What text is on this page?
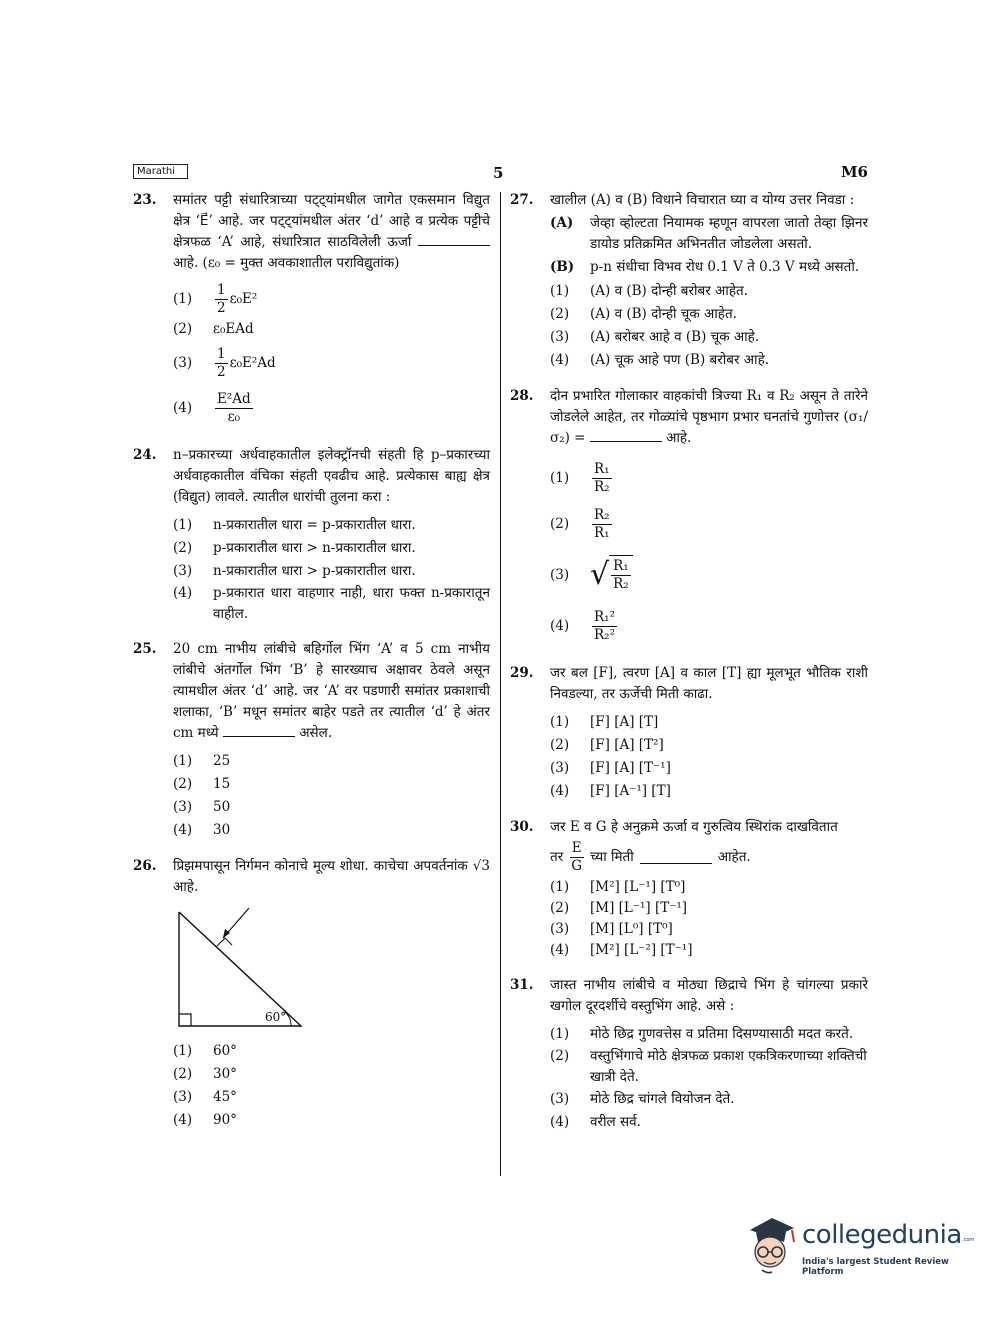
Marathi	5	M6
23. समांतर पट्टी संधारित्राच्या पट्ट्यांमधील जागेत एकसमान विद्युत क्षेत्र ‘E⃗’ आहे. जर पट्ट्यांमधील अंतर ‘d’ आहे व प्रत्येक पट्टीचे क्षेत्रफळ ‘A’ आहे, संधारित्रात साठविलेली ऊर्जा  आहे. (ε₀ = मुक्त अवकाशातील पराविद्युतांक)
(1)	$\frac{1}{2} \varepsilon_0E^2$
(2)	ε₀EAd
(3)	$\frac{1}{2} \varepsilon_0E^2Ad$
(4)	$\frac{\text{E²Ad}}{\text{ε₀}}$
24. n–प्रकारच्या अर्धवाहकातील इलेक्ट्रॉनची संहती हि p–प्रकारच्या अर्धवाहकातील वंचिका संहती एवढीच आहे. प्रत्येकास बाह्य क्षेत्र (विद्युत) लावले. त्यातील धारांची तुलना करा :
(1)	n-प्रकारातील धारा = p-प्रकारातील धारा.
(2)	p-प्रकारातील धारा > n-प्रकारातील धारा.
(3)	n-प्रकारातील धारा > p-प्रकारातील धारा.
(4)	p-प्रकारात धारा वाहणार नाही, धारा फक्त n-प्रकारातून वाहील.
25. 20 cm नाभीय लांबीचे बहिर्गोल भिंग ‘A’ व 5 cm नाभीय लांबीचे अंतर्गोल भिंग ‘B’ हे सारख्याच अक्षावर ठेवले असून त्यामधील अंतर ‘d’ आहे. जर ‘A’ वर पडणारी समांतर प्रकाशाची शलाका, ‘B’ मधून समांतर बाहेर पडते तर त्यातील ‘d’ हे अंतर cm मध्ये	असेल.
(1)	25
(2)	15
(3)	50
(4)	30
26. प्रिझमपासून निर्गमन कोनाचे मूल्य शोधा. काचेचा अपवर्तनांक √3 आहे.
60°
(1)	60°
(2)	30°
(3)	45°
(4)	90°
27. खालील (A) व (B) विधाने विचारात घ्या व योग्य उत्तर निवडा :
(A)	जेव्हा व्होल्टता नियामक म्हणून वापरला जातो तेव्हा झिनर डायोड प्रतिक्रमित अभिनतीत जोडलेला असतो.
(B)	p-n संधीचा विभव रोध 0.1 V ते 0.3 V मध्ये असतो.
(1)	(A) व (B) दोन्ही बरोबर आहेत.
(2)	(A) व (B) दोन्ही चूक आहेत.
(3)	(A) बरोबर आहे व (B) चूक आहे.
(4)	(A) चूक आहे पण (B) बरोबर आहे.
28. दोन प्रभारित गोलाकार वाहकांची त्रिज्या R₁ व R₂ असून ते तारेने जोडलेले आहेत, तर गोळ्यांचे पृष्ठभाग प्रभार घनतांचे गुणोत्तर (σ₁/σ₂) =	आहे.
(1)	$\frac{\text{R₁}}{\text{R₂}}$
(2)	$\frac{\text{R₂}}{\text{R₁}}$
(3) √ $\frac{\text{R₁}}{\text{R₂}}$
(4)	$\frac{\text{R₁²}}{\text{R₂²}}$
29. जर बल [F], त्वरण [A] व काल [T] ह्या मूलभूत भौतिक राशी निवडल्या, तर ऊर्जेची मिती काढा.
(1)	[F] [A] [T]
(2)	[F] [A] [T²]
(3)	[F] [A] [T⁻¹]
(4)	[F] [A⁻¹] [T]
30. जर E व G हे अनुक्रमे ऊर्जा व गुरुत्विय स्थिरांक दाखवितात
तर $\frac{E}{G}$ च्या मिती	आहेत.
(1)	[M²] [L⁻¹] [T⁰]
(2)	[M] [L⁻¹] [T⁻¹]
(3)	[M] [L⁰] [T⁰]
(4)	[M²] [L⁻²] [T⁻¹]
31. जास्त नाभीय लांबीचे व मोठ्या छिद्राचे भिंग हे चांगल्या प्रकारे खगोल दूरदर्शीचे वस्तुभिंग आहे. असे :
(1)	मोठे छिद्र गुणवत्तेस व प्रतिमा दिसण्यासाठी मदत करते.
(2)	वस्तुभिंगाचे मोठे क्षेत्रफळ प्रकाश एकत्रिकरणाच्या शक्तिची खात्री देते.
(3)	मोठे छिद्र चांगले वियोजन देते.
(4)	वरील सर्व.
collegedunia .com
India's largest Student Review Platform
